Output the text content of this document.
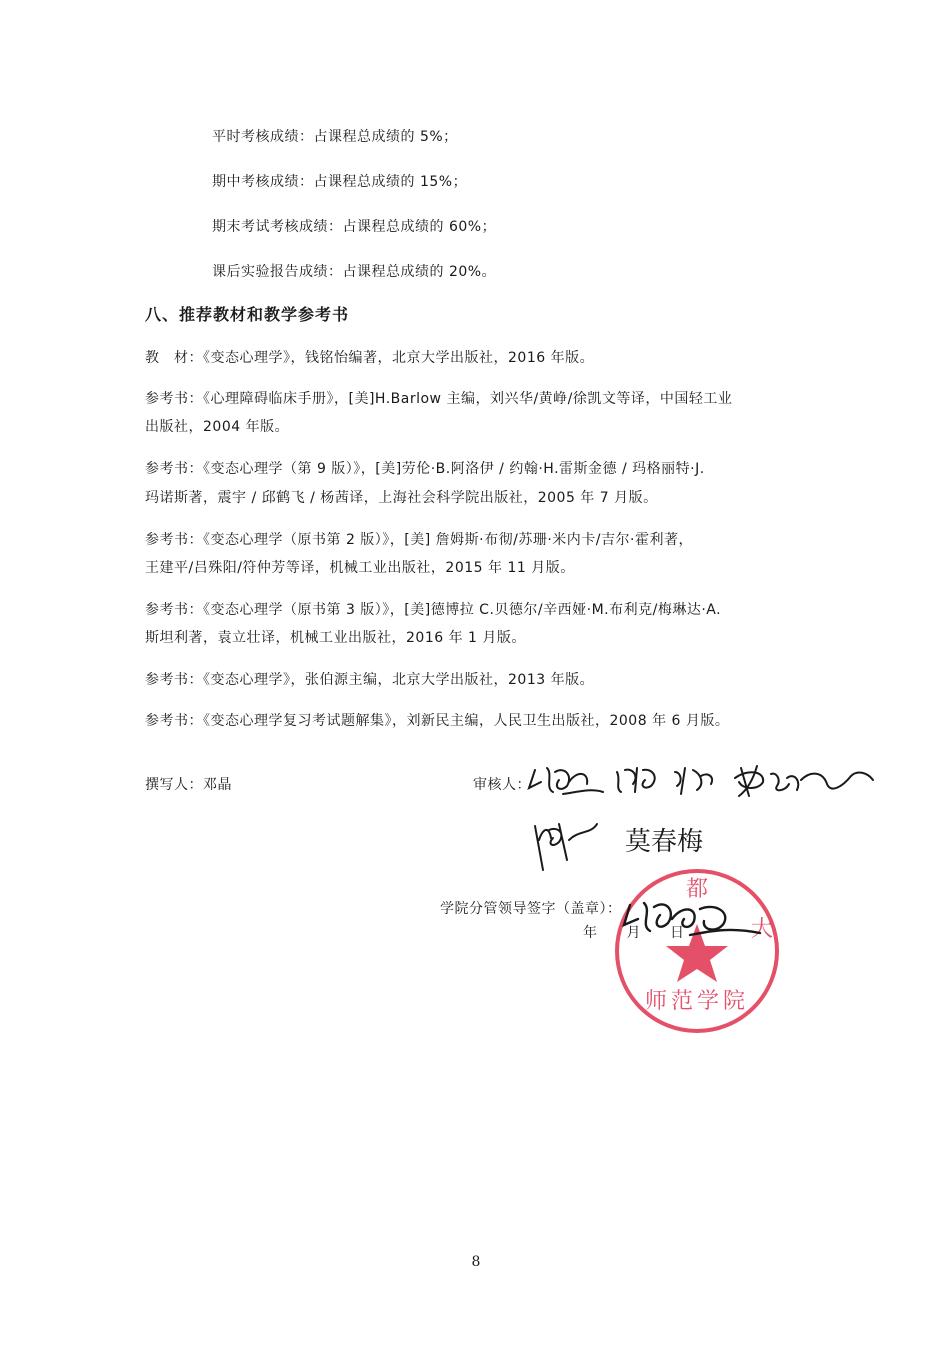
平时考核成绩：占课程总成绩的 5%；
期中考核成绩：占课程总成绩的 15%；
期末考试考核成绩：占课程总成绩的 60%；
课后实验报告成绩：占课程总成绩的 20%。
八、推荐教材和教学参考书
教　材：《变态心理学》，钱铭怡编著，北京大学出版社，2016 年版。
参考书：《心理障碍临床手册》，[美]H.Barlow 主编，刘兴华/黄峥/徐凯文等译，中国轻工业
出版社，2004 年版。
参考书：《变态心理学（第 9 版）》，[美]劳伦·B.阿洛伊 / 约翰·H.雷斯金德 / 玛格丽特·J.
玛诺斯著，震宇 / 邱鹤飞 / 杨茜译，上海社会科学院出版社，2005 年 7 月版。
参考书：《变态心理学（原书第 2 版）》，[美] 詹姆斯·布彻/苏珊·米内卡/吉尔·霍利著，
王建平/吕殊阳/符仲芳等译，机械工业出版社，2015 年 11 月版。
参考书：《变态心理学（原书第 3 版）》，[美]德博拉 C.贝德尔/辛西娅·M.布利克/梅琳达·A.
斯坦利著，袁立壮译，机械工业出版社，2016 年 1 月版。
参考书：《变态心理学》，张伯源主编，北京大学出版社，2013 年版。
参考书：《变态心理学复习考试题解集》，刘新民主编，人民卫生出版社，2008 年 6 月版。
撰写人：邓晶	审核人：
莫春梅
学院分管领导签字（盖章）：
年　　月　　日
都
大
师范学院
8
